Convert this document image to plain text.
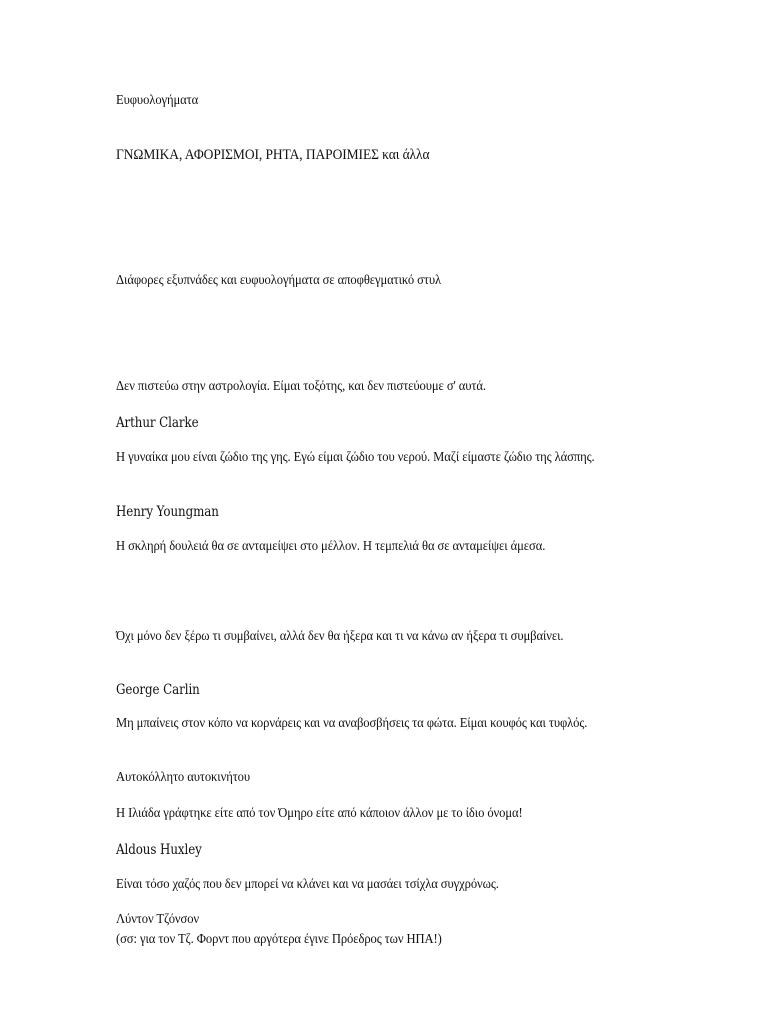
Ευφυολογήματα
ΓΝΩΜΙΚΑ, ΑΦΟΡΙΣΜΟΙ, ΡΗΤΑ, ΠΑΡΟΙΜΙΕΣ και άλλα
Διάφορες εξυπνάδες και ευφυολογήματα σε αποφθεγματικό στυλ
Δεν πιστεύω στην αστρολογία. Είμαι τοξότης, και δεν πιστεύουμε σ' αυτά.
Arthur Clarke
Η γυναίκα μου είναι ζώδιο της γης. Εγώ είμαι ζώδιο του νερού. Μαζί είμαστε ζώδιο της λάσπης.
Henry Youngman
Η σκληρή δουλειά θα σε ανταμείψει στο μέλλον. Η τεμπελιά θα σε ανταμείψει άμεσα.
Όχι μόνο δεν ξέρω τι συμβαίνει, αλλά δεν θα ήξερα και τι να κάνω αν ήξερα τι συμβαίνει.
George Carlin
Μη μπαίνεις στον κόπο να κορνάρεις και να αναβοσβήσεις τα φώτα. Είμαι κουφός και τυφλός.
Αυτοκόλλητο αυτοκινήτου
Η Ιλιάδα γράφτηκε είτε από τον Όμηρο είτε από κάποιον άλλον με το ίδιο όνομα!
Aldous Huxley
Είναι τόσο χαζός που δεν μπορεί να κλάνει και να μασάει τσίχλα συγχρόνως.
Λύντον Τζόνσον
(σσ: για τον Τζ. Φορντ που αργότερα έγινε Πρόεδρος των ΗΠΑ!)
